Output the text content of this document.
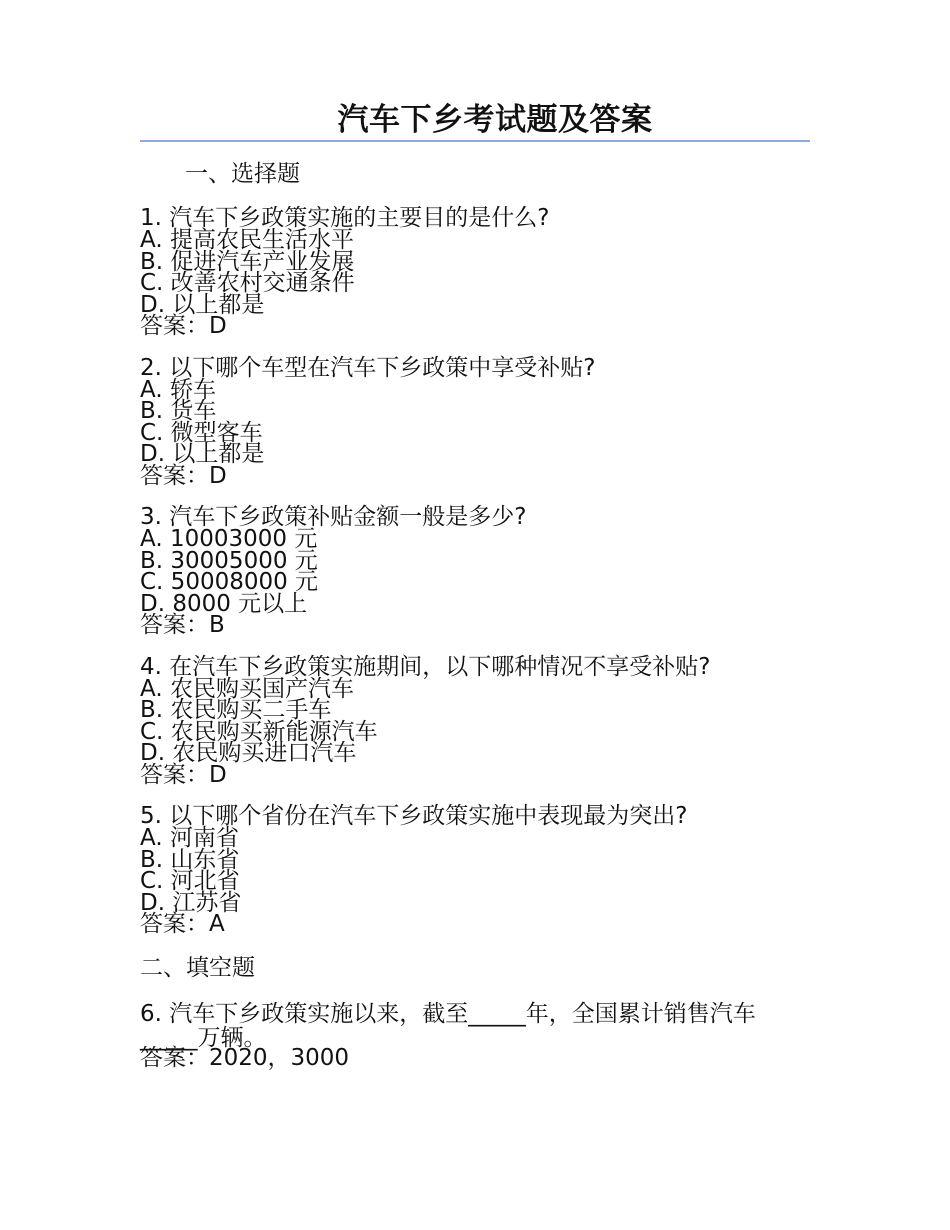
汽车下乡考试题及答案
一、选择题
1. 汽车下乡政策实施的主要目的是什么?
A. 提高农民生活水平
B. 促进汽车产业发展
C. 改善农村交通条件
D. 以上都是
答案：D
2. 以下哪个车型在汽车下乡政策中享受补贴?
A. 轿车
B. 货车
C. 微型客车
D. 以上都是
答案：D
3. 汽车下乡政策补贴金额一般是多少?
A. 10003000 元
B. 30005000 元
C. 50008000 元
D. 8000 元以上
答案：B
4. 在汽车下乡政策实施期间，以下哪种情况不享受补贴?
A. 农民购买国产汽车
B. 农民购买二手车
C. 农民购买新能源汽车
D. 农民购买进口汽车
答案：D
5. 以下哪个省份在汽车下乡政策实施中表现最为突出?
A. 河南省
B. 山东省
C. 河北省
D. 江苏省
答案：A
二、填空题
6. 汽车下乡政策实施以来，截至_____年，全国累计销售汽车_____万辆。
答案：2020，3000
